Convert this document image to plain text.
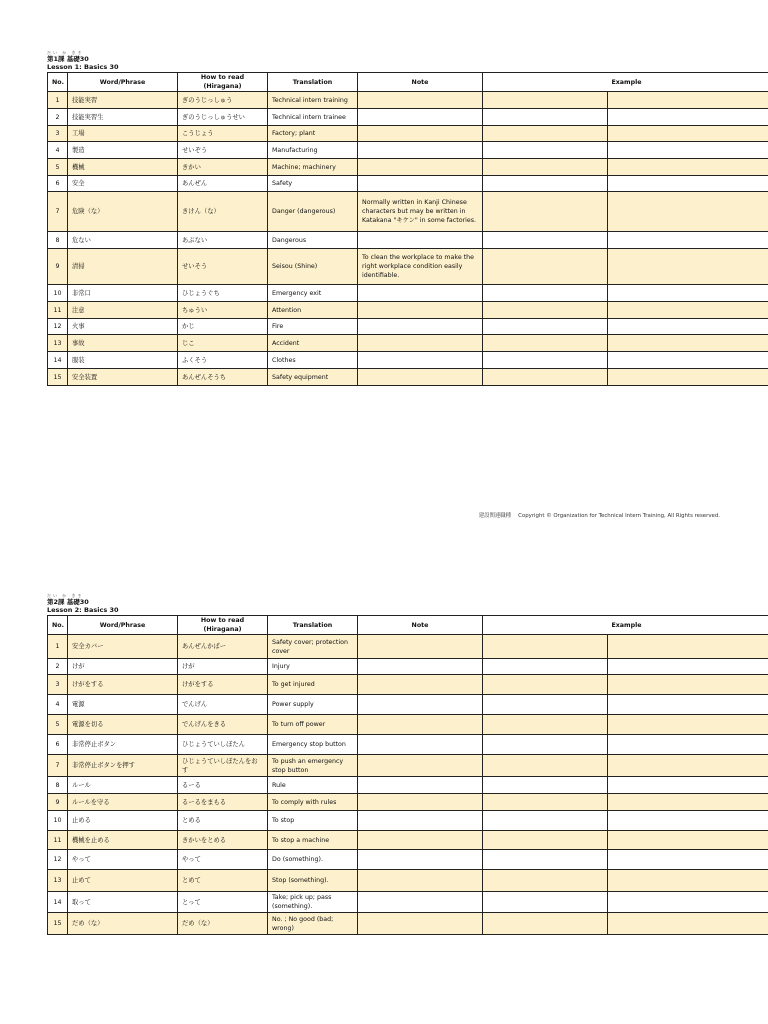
だい か きそ
第1課 基礎30
Lesson 1: Basics 30
No.	Word/Phrase	How to read (Hiragana)	Translation	Note	Example	
1	技能実習	ぎのうじっしゅう	Technical intern training			
2	技能実習生	ぎのうじっしゅうせい	Technical intern trainee			
3	工場	こうじょう	Factory; plant			
4	製造	せいぞう	Manufacturing			
5	機械	きかい	Machine; machinery			
6	安全	あんぜん	Safety			
7	危険（な）	きけん（な）	Danger (dangerous)	Normally written in Kanji Chinese characters but may be written in Katakana "キケン" in some factories.		
8	危ない	あぶない	Dangerous			
9	清掃	せいそう	Seisou (Shine)	To clean the workplace to make the right workplace condition easily identifiable.		
10	非常口	ひじょうぐち	Emergency exit			
11	注意	ちゅうい	Attention			
12	火事	かじ	Fire			
13	事故	じこ	Accident			
14	服装	ふくそう	Clothes			
15	安全装置	あんぜんそうち	Safety equipment			
建設関連職種　 Copyright © Organization for Technical Intern Training, All Rights reserved.
だい か きそ
第2課 基礎30
Lesson 2: Basics 30
No.	Word/Phrase	How to read (Hiragana)	Translation	Note	Example	
1	安全カバー	あんぜんかばー	Safety cover; protection cover			
2	けが	けが	Injury			
3	けがをする	けがをする	To get injured			
4	電源	でんげん	Power supply			
5	電源を切る	でんげんをきる	To turn off power			
6	非常停止ボタン	ひじょうていしぼたん	Emergency stop button			
7	非常停止ボタンを押す	ひじょうていしぼたんをおす	To push an emergency stop button			
8	ルール	るーる	Rule			
9	ルールを守る	るーるをまもる	To comply with rules			
10	止める	とめる	To stop			
11	機械を止める	きかいをとめる	To stop a machine			
12	やって	やって	Do (something).			
13	止めて	とめて	Stop (something).			
14	取って	とって	Take; pick up; pass (something).			
15	だめ（な）	だめ（な）	No. ; No good (bad; wrong)			
